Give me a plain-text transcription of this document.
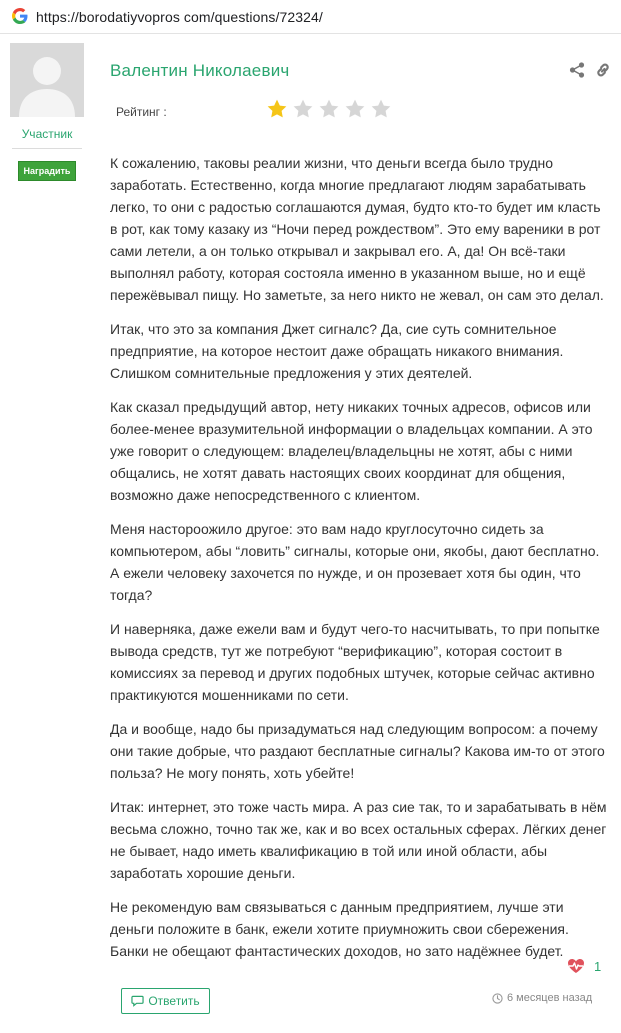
https://borodatiyvopros com/questions/72324/
Участник
Наградить
Валентин Николаевич
Рейтинг :

К сожалению, таковы реалии жизни, что деньги всегда было трудно заработать. Естественно, когда многие предлагают людям зарабатывать легко, то они с радостью соглашаются думая, будто кто-то будет им класть в рот, как тому казаку из “Ночи перед рождеством”. Это ему вареники в рот сами летели, а он только открывал и закрывал его. А, да! Он всё-таки выполнял работу, которая состояла именно в указанном выше, но и ещё пережёвывал пищу. Но заметьте, за него никто не жевал, он сам это делал.

Итак, что это за компания Джет сигналс? Да, сие суть сомнительное предприятие, на которое нестоит даже обращать никакого внимания. Слишком сомнительные предложения у этих деятелей.

Как сказал предыдущий автор, нету никаких точных адресов, офисов или более-менее вразумительной информации о владельцах компании. А это уже говорит о следующем: владелец/владельцны не хотят, абы с ними общались, не хотят давать настоящих своих координат для общения, возможно даже непосредственного с клиентом.

Меня настороожило другое: это вам надо круглосуточно сидеть за компьютером, абы “ловить” сигналы, которые они, якобы, дают бесплатно. А ежели человеку захочется по нужде, и он прозевает хотя бы один, что тогда?

И наверняка, даже ежели вам и будут чего-то насчитывать, то при попытке вывода средств, тут же потребуют “верификацию”, которая состоит в комиссиях за перевод и других подобных штучек, которые сейчас активно практикуются мошенниками по сети.

Да и вообще, надо бы призадуматься над следующим вопросом: а почему они такие добрые, что раздают бесплатные сигналы? Какова им-то от этого польза? Не могу понять, хоть убейте!

Итак: интернет, это тоже часть мира. А раз сие так, то и зарабатывать в нём весьма сложно, точно так же, как и во всех остальных сферах. Лёгких денег не бывает, надо иметь квалификацию в той или иной области, абы заработать хорошие деньги.

Не рекомендую вам связываться с данным предприятием, лучше эти деньги положите в банк, ежели хотите приумножить свои сбережения. Банки не обещают фантастических доходов, но зато надёжнее будет.

1
Ответить	6 месяцев назад
